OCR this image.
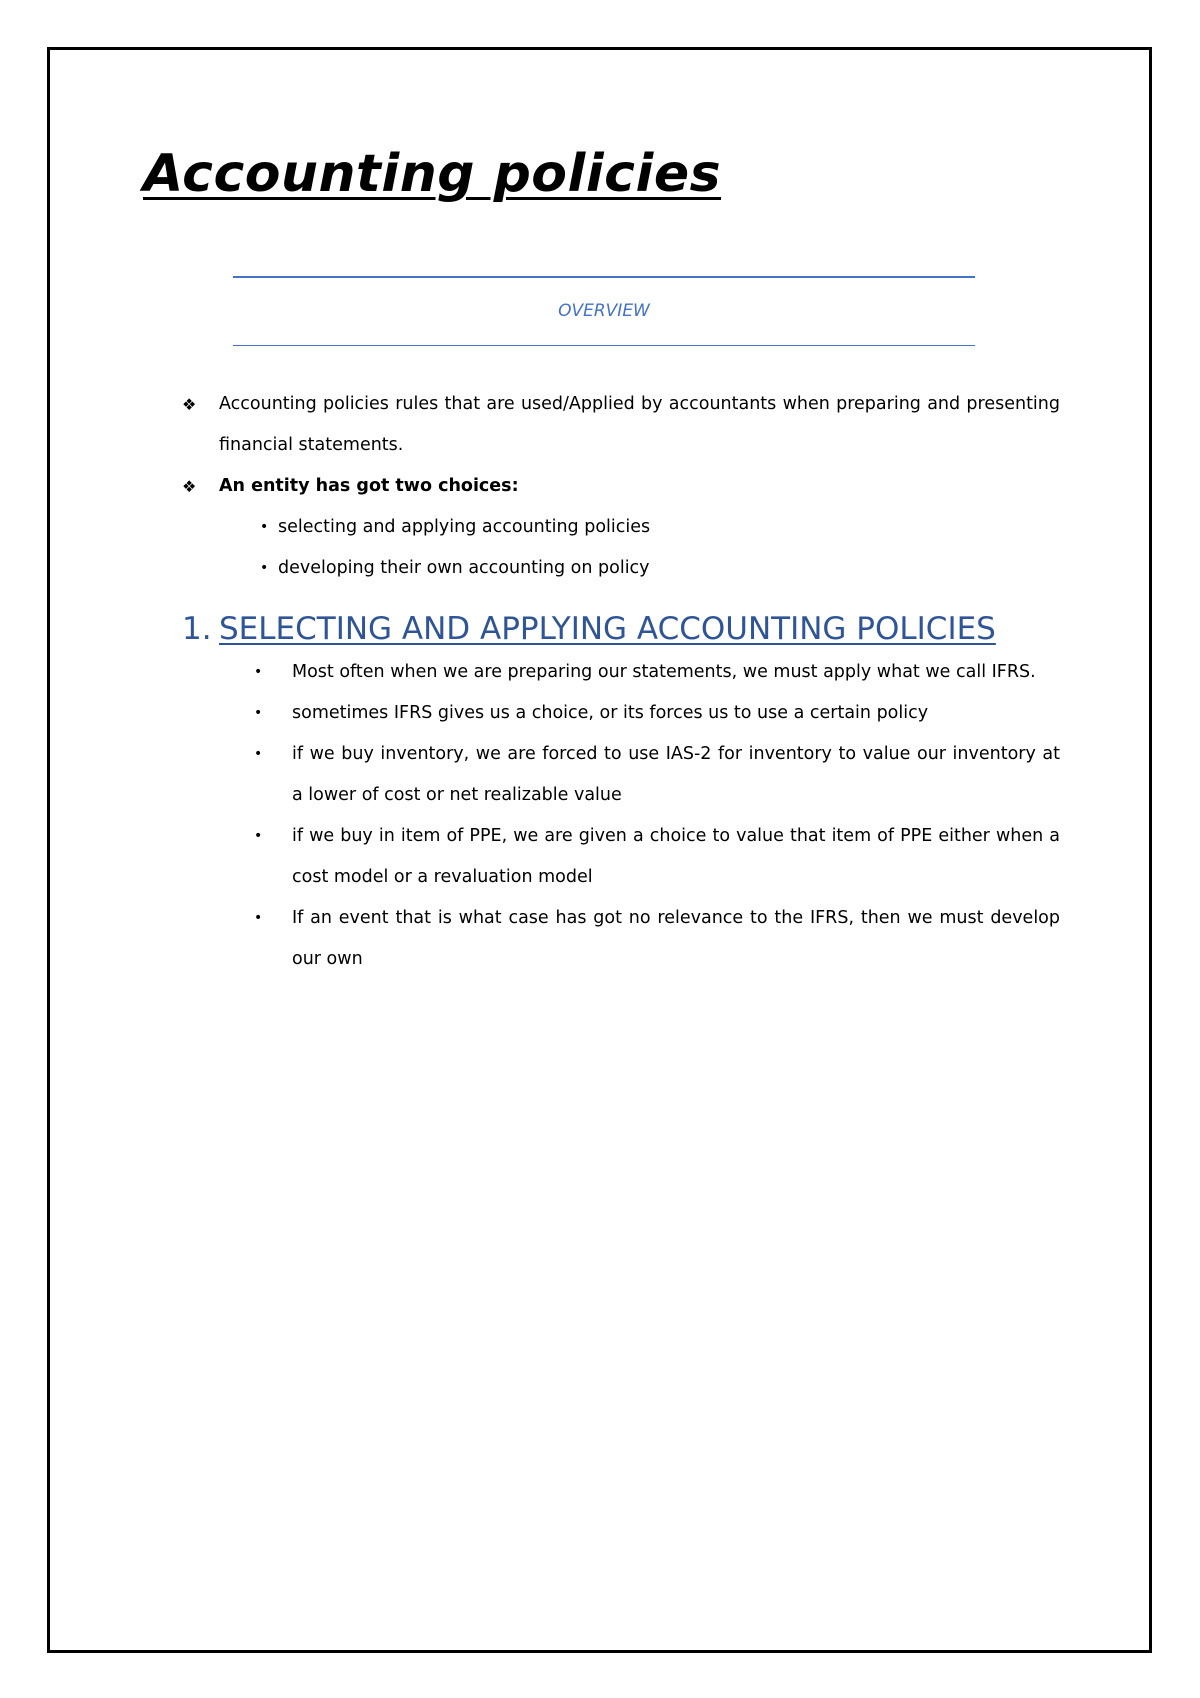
Accounting policies
OVERVIEW
❖ Accounting policies rules that are used/Applied by accountants when preparing and presenting financial statements.
❖ An entity has got two choices:
• selecting and applying accounting policies
• developing their own accounting on policy
1. SELECTING AND APPLYING ACCOUNTING POLICIES
• Most often when we are preparing our statements, we must apply what we call IFRS.
• sometimes IFRS gives us a choice, or its forces us to use a certain policy
• if we buy inventory, we are forced to use IAS-2 for inventory to value our inventory at a lower of cost or net realizable value
• if we buy in item of PPE, we are given a choice to value that item of PPE either when a cost model or a revaluation model
• If an event that is what case has got no relevance to the IFRS, then we must develop our own
